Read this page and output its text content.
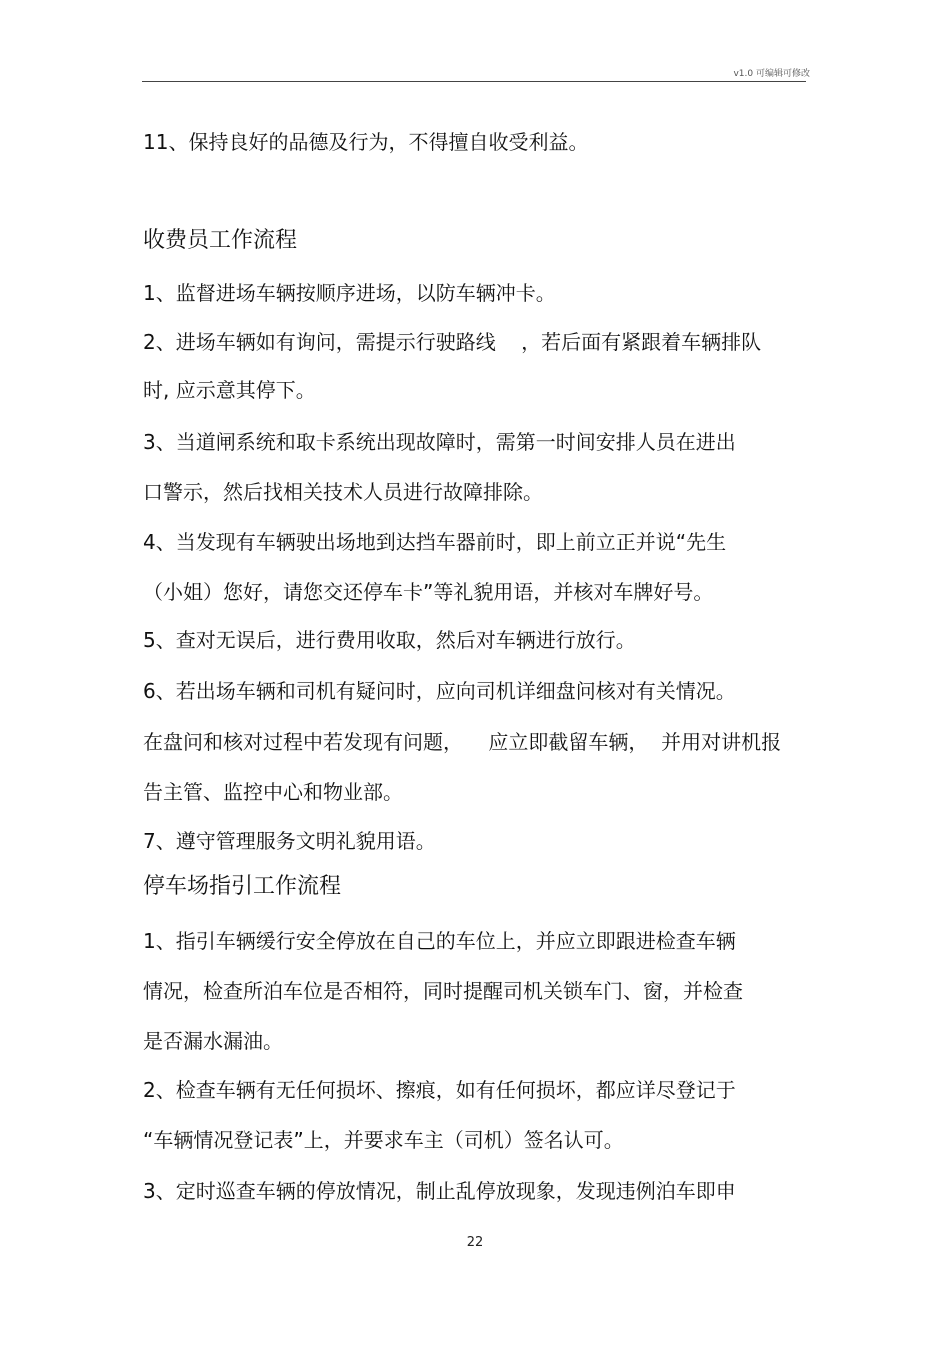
v1.0 可编辑可修改
11、保持良好的品德及行为，不得擅自收受利益。
收费员工作流程
1、监督进场车辆按顺序进场，以防车辆冲卡。
2、进场车辆如有询问，需提示行驶路线    ，若后面有紧跟着车辆排队
时, 应示意其停下。
3、当道闸系统和取卡系统出现故障时，需第一时间安排人员在进出
口警示，然后找相关技术人员进行故障排除。
4、当发现有车辆驶出场地到达挡车器前时，即上前立正并说“先生
（小姐）您好，请您交还停车卡”等礼貌用语，并核对车牌好号。
5、查对无误后，进行费用收取，然后对车辆进行放行。
6、若出场车辆和司机有疑问时，应向司机详细盘问核对有关情况。
在盘问和核对过程中若发现有问题，    应立即截留车辆，  并用对讲机报
告主管、监控中心和物业部。
7、遵守管理服务文明礼貌用语。
停车场指引工作流程
1、指引车辆缓行安全停放在自己的车位上，并应立即跟进检查车辆
情况，检查所泊车位是否相符，同时提醒司机关锁车门、窗，并检查
是否漏水漏油。
2、检查车辆有无任何损坏、擦痕，如有任何损坏，都应详尽登记于
“车辆情况登记表”上，并要求车主（司机）签名认可。
3、定时巡查车辆的停放情况，制止乱停放现象，发现违例泊车即申
22
